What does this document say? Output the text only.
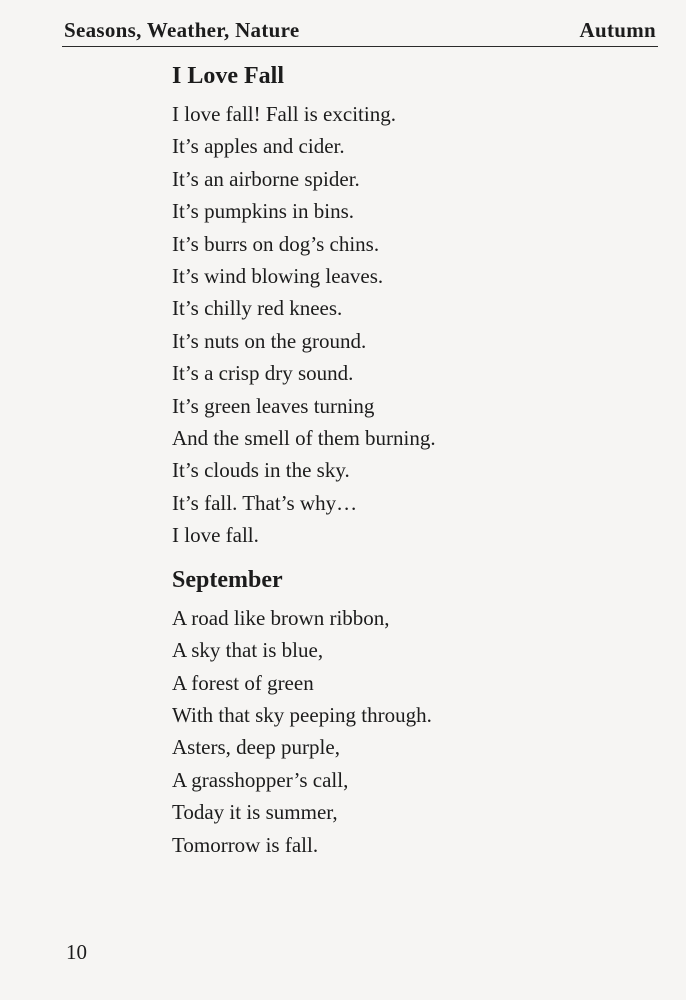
Seasons, Weather, Nature	Autumn
I Love Fall
I love fall! Fall is exciting.
It’s apples and cider.
It’s an airborne spider.
It’s pumpkins in bins.
It’s burrs on dog’s chins.
It’s wind blowing leaves.
It’s chilly red knees.
It’s nuts on the ground.
It’s a crisp dry sound.
It’s green leaves turning
And the smell of them burning.
It’s clouds in the sky.
It’s fall. That’s why…
I love fall.
September
A road like brown ribbon,
A sky that is blue,
A forest of green
With that sky peeping through.
Asters, deep purple,
A grasshopper’s call,
Today it is summer,
Tomorrow is fall.
10
